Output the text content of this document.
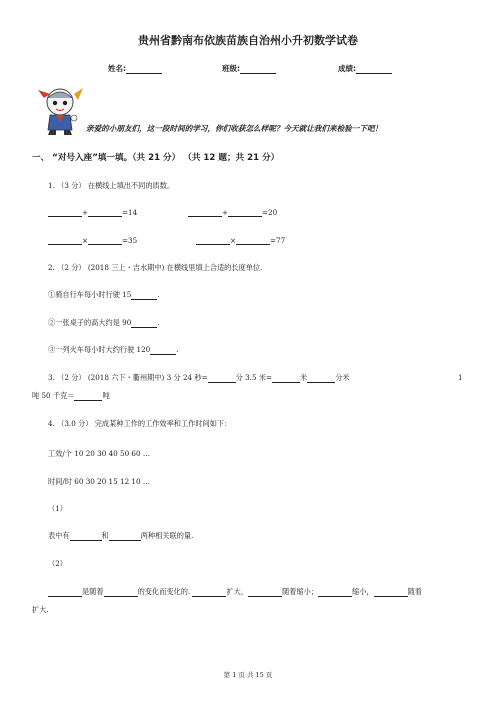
贵州省黔南布依族苗族自治州小升初数学试卷
姓名:	班级:	成绩:
亲爱的小朋友们，这一段时间的学习，你们收获怎么样呢？今天就让我们来检验一下吧！
一、 “对号入座”填一填。（共 21 分） （共 12 题；共 21 分）
1. （3 分） 在横线上填出不同的质数。
+	=14	+	=20
×	=35	×	=77
2. （2 分） (2018 三上・吉水期中) 在横线里填上合适的长度单位.
①骑自行车每小时行驶 15	.
②一张桌子的高大约是 90	.
③一列火车每小时大约行驶 120	.
3. （2 分） (2018 六下・衢州期中) 3 分 24 秒=	分 3.5 米=	米	分米	1
吨 50 千克＝	吨
4. （3.0 分） 完成某种工作的工作效率和工作时间如下：
工效/个 10 20 30 40 50 60 …
时间/时 60 30 20 15 12 10 …
（1）
表中有	和	两种相关联的量.
（2）
是随着	的变化而变化的.	扩大，	随着缩小；	缩小，	随着
扩大.
第 1 页 共 15 页
